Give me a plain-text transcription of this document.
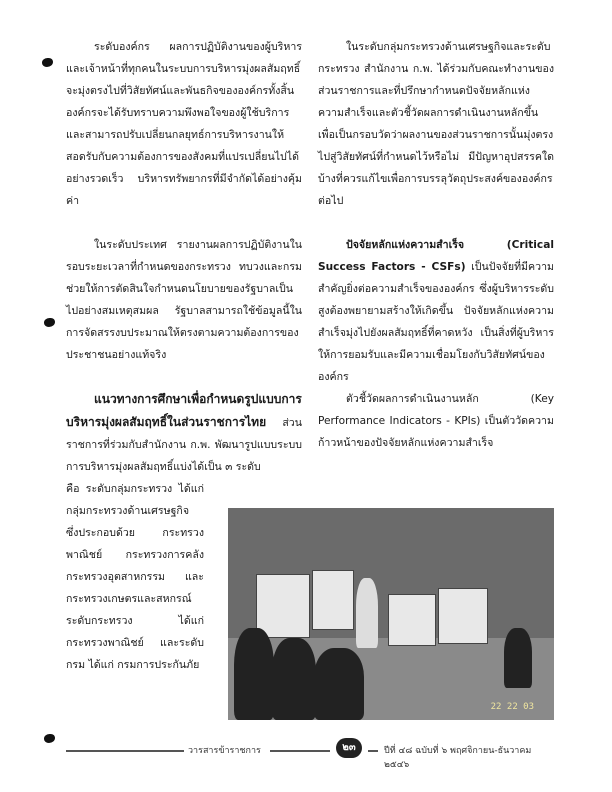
ระดับองค์กร ผลการปฏิบัติงานของผู้บริหารและเจ้าหน้าที่ทุกคนในระบบการบริหารมุ่งผลสัมฤทธิ์จะมุ่งตรงไปที่วิสัยทัศน์และพันธกิจขององค์กรทั้งสิ้น องค์กรจะได้รับทราบความพึงพอใจของผู้ใช้บริการ และสามารถปรับเปลี่ยนกลยุทธ์การบริหารงานให้สอดรับกับความต้องการของสังคมที่แปรเปลี่ยนไปได้อย่างรวดเร็ว บริหารทรัพยากรที่มีจำกัดได้อย่างคุ้มค่า

ในระดับประเทศ รายงานผลการปฏิบัติงานในรอบระยะเวลาที่กำหนดของกระทรวง ทบวงและกรม ช่วยให้การตัดสินใจกำหนดนโยบายของรัฐบาลเป็นไปอย่างสมเหตุสมผล รัฐบาลสามารถใช้ข้อมูลนี้ในการจัดสรรงบประมาณให้ตรงตามความต้องการของประชาชนอย่างแท้จริง

แนวทางการศึกษาเพื่อกำหนดรูปแบบการบริหารมุ่งผลสัมฤทธิ์ในส่วนราชการไทย ส่วนราชการที่ร่วมกับสำนักงาน ก.พ. พัฒนารูปแบบระบบการบริหารมุ่งผลสัมฤทธิ์แบ่งได้เป็น ๓ ระดับ

คือ ระดับกลุ่มกระทรวง ได้แก่ กลุ่มกระทรวงด้านเศรษฐกิจ ซึ่งประกอบด้วย กระทรวงพาณิชย์ กระทรวงการคลัง กระทรวงอุตสาหกรรม และกระทรวงเกษตรและสหกรณ์ ระดับกระทรวง ได้แก่ กระทรวงพาณิชย์ และระดับกรม ได้แก่ กรมการประกันภัย

ในระดับกลุ่มกระทรวงด้านเศรษฐกิจและระดับกระทรวง สำนักงาน ก.พ. ได้ร่วมกับคณะทำงานของส่วนราชการและที่ปรึกษากำหนดปัจจัยหลักแห่งความสำเร็จและตัวชี้วัดผลการดำเนินงานหลักขึ้นเพื่อเป็นกรอบวัดว่าผลงานของส่วนราชการนั้นมุ่งตรงไปสู่วิสัยทัศน์ที่กำหนดไว้หรือไม่ มีปัญหาอุปสรรคใดบ้างที่ควรแก้ไขเพื่อการบรรลุวัตถุประสงค์ขององค์กรต่อไป

ปัจจัยหลักแห่งความสำเร็จ (Critical Success Factors - CSFs) เป็นปัจจัยที่มีความสำคัญยิ่งต่อความสำเร็จขององค์กร ซึ่งผู้บริหารระดับสูงต้องพยายามสร้างให้เกิดขึ้น ปัจจัยหลักแห่งความสำเร็จมุ่งไปยังผลสัมฤทธิ์ที่คาดหวัง เป็นสิ่งที่ผู้บริหารให้การยอมรับและมีความเชื่อมโยงกับวิสัยทัศน์ขององค์กร

ตัวชี้วัดผลการดำเนินงานหลัก (Key Performance Indicators - KPIs) เป็นตัววัดความก้าวหน้าของปัจจัยหลักแห่งความสำเร็จ

22 22 03
วารสารข้าราชการ	๒๓	ปีที่ ๔๘ ฉบับที่ ๖ พฤศจิกายน-ธันวาคม ๒๕๔๖
